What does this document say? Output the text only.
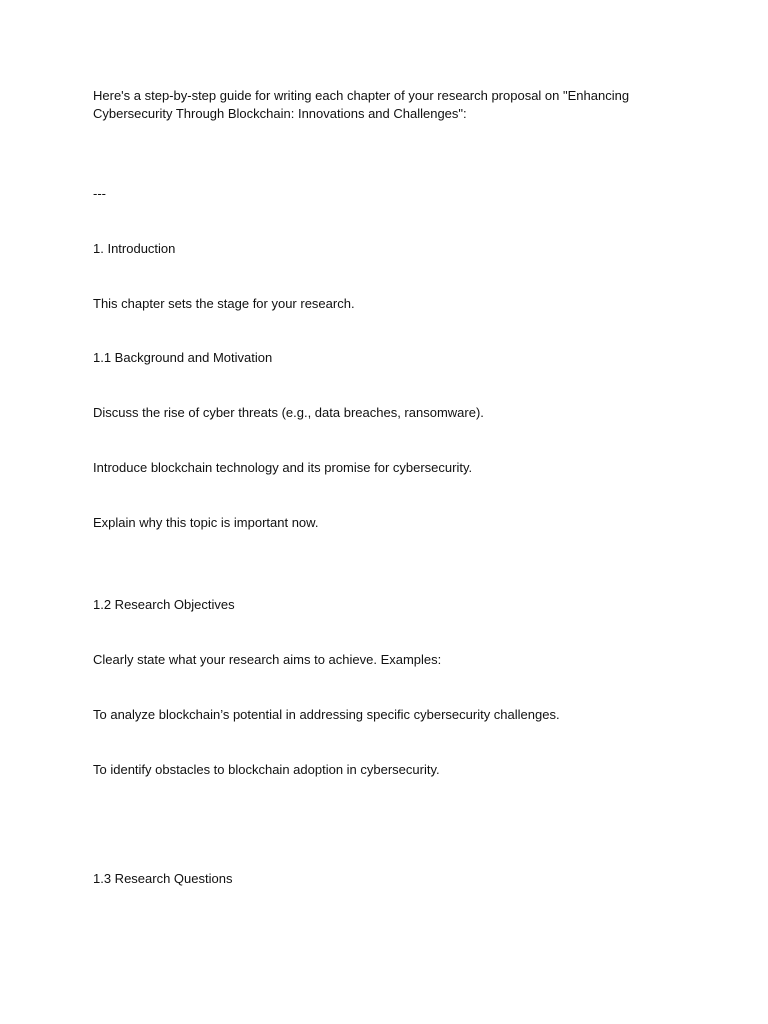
Here's a step-by-step guide for writing each chapter of your research proposal on "Enhancing Cybersecurity Through Blockchain: Innovations and Challenges":
---
1. Introduction
This chapter sets the stage for your research.
1.1 Background and Motivation
Discuss the rise of cyber threats (e.g., data breaches, ransomware).
Introduce blockchain technology and its promise for cybersecurity.
Explain why this topic is important now.
1.2 Research Objectives
Clearly state what your research aims to achieve. Examples:
To analyze blockchain’s potential in addressing specific cybersecurity challenges.
To identify obstacles to blockchain adoption in cybersecurity.
1.3 Research Questions
